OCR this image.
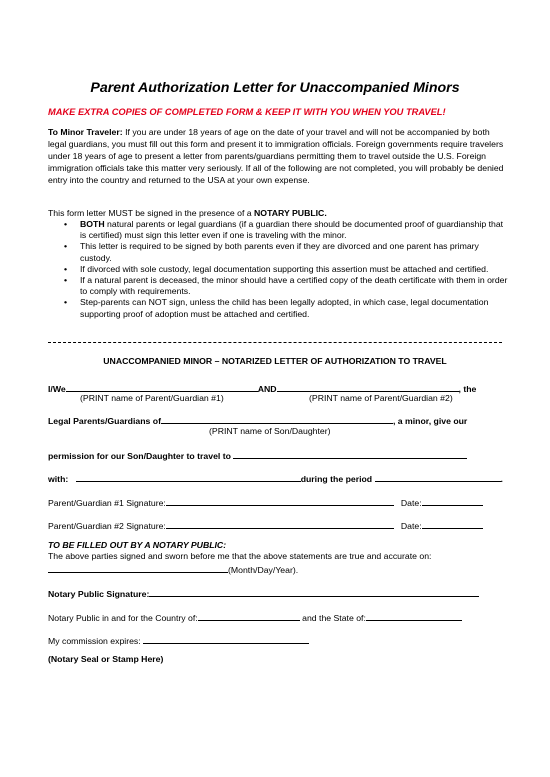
Parent Authorization Letter for Unaccompanied Minors
MAKE EXTRA COPIES OF COMPLETED FORM & KEEP IT WITH YOU WHEN YOU TRAVEL!
To Minor Traveler: If you are under 18 years of age on the date of your travel and will not be accompanied by both legal guardians, you must fill out this form and present it to immigration officials. Foreign governments require travelers under 18 years of age to present a letter from parents/guardians permitting them to travel outside the U.S. Foreign immigration officials take this matter very seriously. If all of the following are not completed, you will probably be denied entry into the country and returned to the USA at your own expense.
This form letter MUST be signed in the presence of a NOTARY PUBLIC.
• BOTH natural parents or legal guardians (if a guardian there should be documented proof of guardianship that is certified) must sign this letter even if one is traveling with the minor.
• This letter is required to be signed by both parents even if they are divorced and one parent has primary custody.
• If divorced with sole custody, legal documentation supporting this assertion must be attached and certified.
• If a natural parent is deceased, the minor should have a certified copy of the death certificate with them in order to comply with requirements.
• Step-parents can NOT sign, unless the child has been legally adopted, in which case, legal documentation supporting proof of adoption must be attached and certified.
UNACCOMPANIED MINOR – NOTARIZED LETTER OF AUTHORIZATION TO TRAVEL
I/We	AND	, the
(PRINT name of Parent/Guardian #1)	(PRINT name of Parent/Guardian #2)
Legal Parents/Guardians of	, a minor, give our
(PRINT name of Son/Daughter)
permission for our Son/Daughter to travel to
with:	during the period	.
Parent/Guardian #1 Signature:	Date:
Parent/Guardian #2 Signature:	Date:
TO BE FILLED OUT BY A NOTARY PUBLIC:
The above parties signed and sworn before me that the above statements are true and accurate on:
(Month/Day/Year).
Notary Public Signature:
Notary Public in and for the Country of:	and the State of:
My commission expires:
(Notary Seal or Stamp Here)
